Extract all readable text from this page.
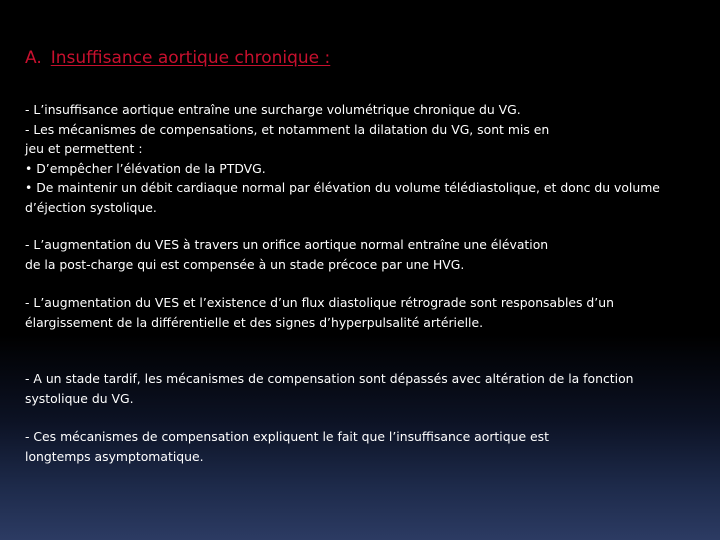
A. Insuffisance aortique chronique :
- L’insuffisance aortique entraîne une surcharge volumétrique chronique du VG.
- Les mécanismes de compensations, et notamment la dilatation du VG, sont mis en
jeu et permettent :
• D’empêcher l’élévation de la PTDVG.
• De maintenir un débit cardiaque normal par élévation du volume télédiastolique, et donc du volume
d’éjection systolique.
- L’augmentation du VES à travers un orifice aortique normal entraîne une élévation
de la post-charge qui est compensée à un stade précoce par une HVG.
- L’augmentation du VES et l’existence d’un flux diastolique rétrograde sont responsables d’un
élargissement de la différentielle et des signes d’hyperpulsalité artérielle.
- A un stade tardif, les mécanismes de compensation sont dépassés avec altération de la fonction
systolique du VG.
- Ces mécanismes de compensation expliquent le fait que l’insuffisance aortique est
longtemps asymptomatique.
